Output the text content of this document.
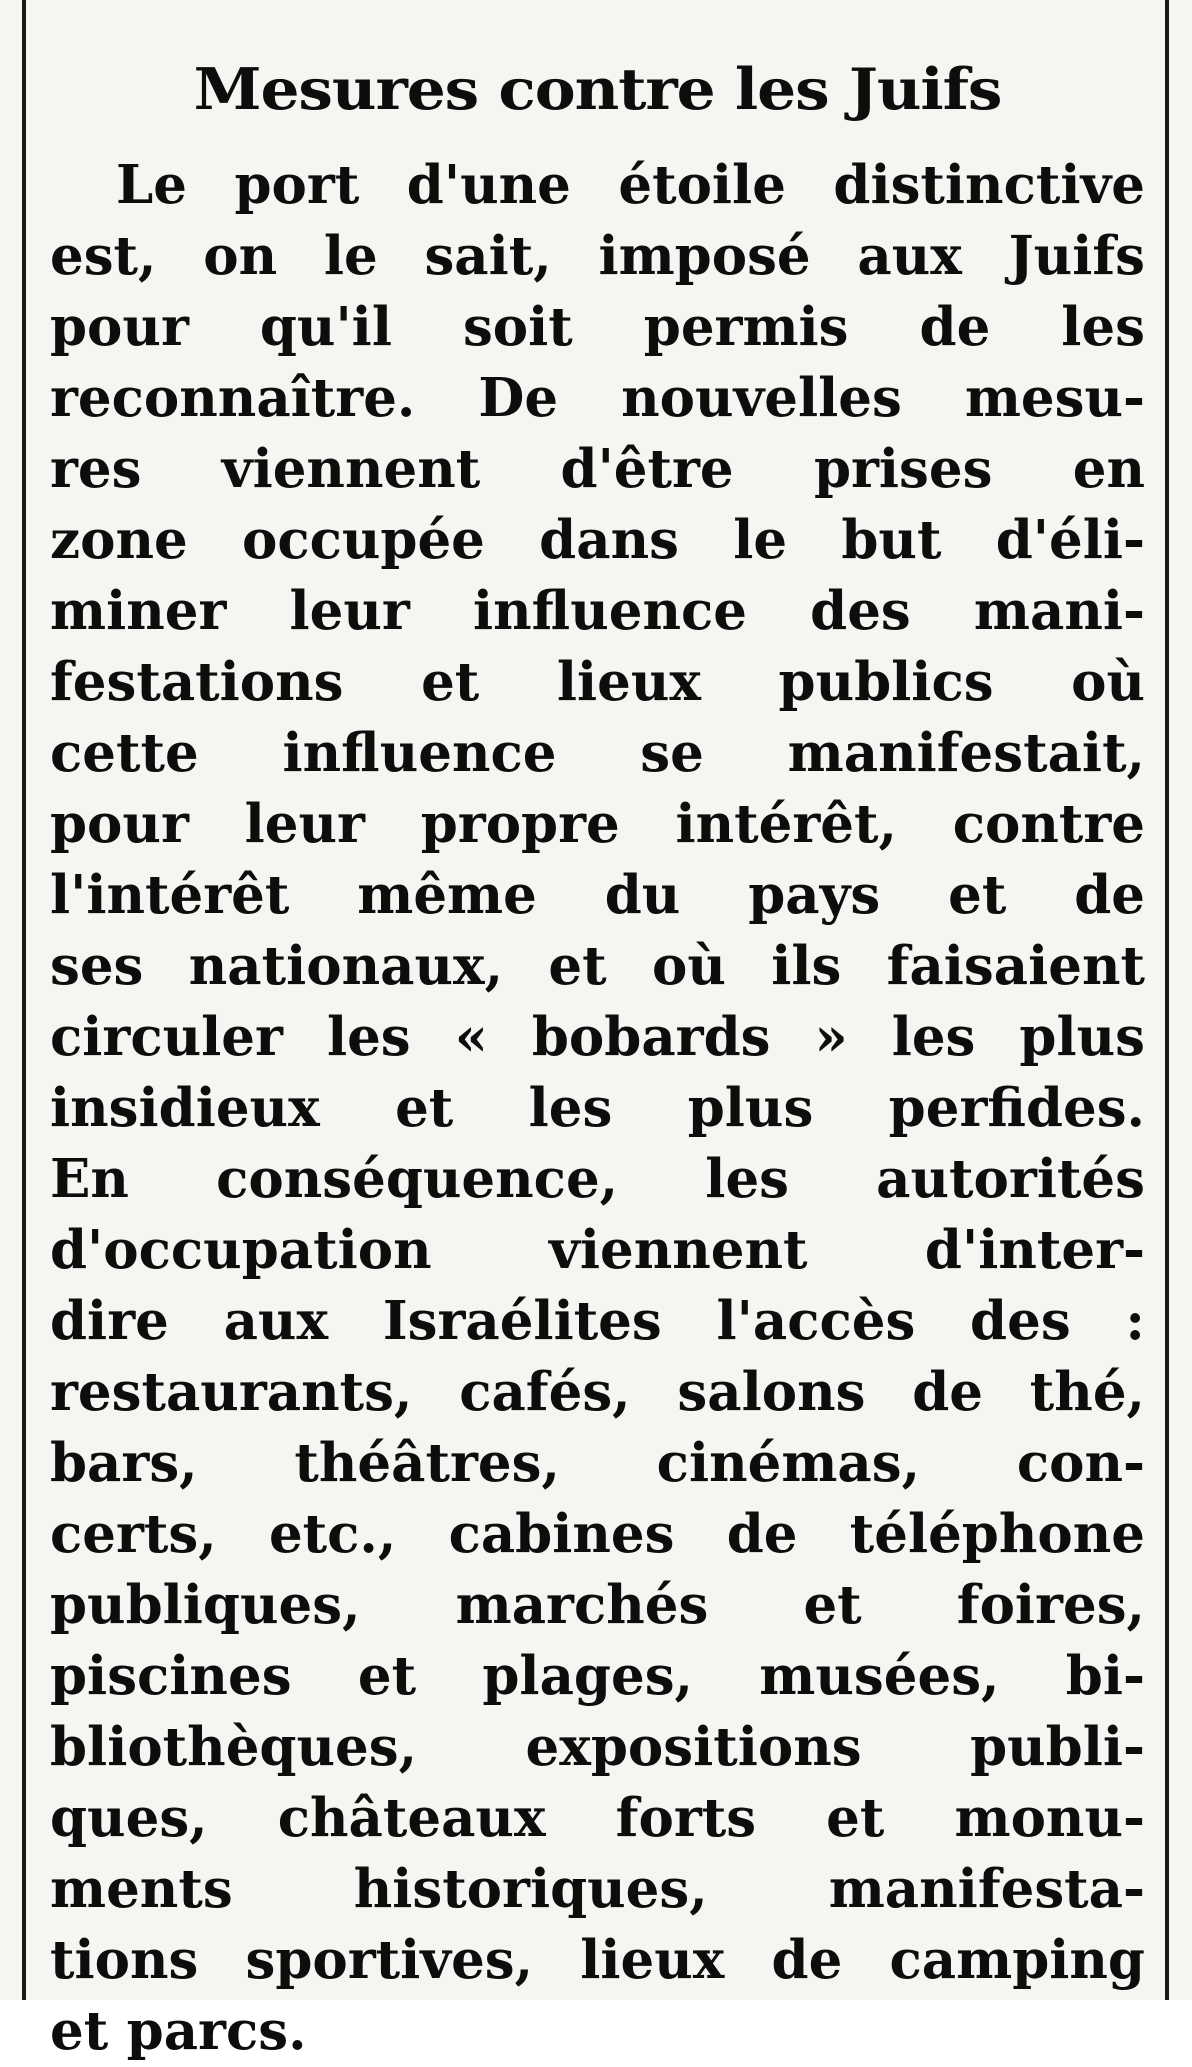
Mesures contre les Juifs
Le port d'une étoile distinctive
est, on le sait, imposé aux Juifs
pour qu'il soit permis de les
reconnaître. De nouvelles mesu-
res viennent d'être prises en
zone occupée dans le but d'éli-
miner leur influence des mani-
festations et lieux publics où
cette influence se manifestait,
pour leur propre intérêt, contre
l'intérêt même du pays et de
ses nationaux, et où ils faisaient
circuler les « bobards » les plus
insidieux et les plus perfides.
En conséquence, les autorités
d'occupation viennent d'inter-
dire aux Israélites l'accès des :
restaurants, cafés, salons de thé,
bars, théâtres, cinémas, con-
certs, etc., cabines de téléphone
publiques, marchés et foires,
piscines et plages, musées, bi-
bliothèques, expositions publi-
ques, châteaux forts et monu-
ments historiques, manifesta-
tions sportives, lieux de camping
et parcs.
